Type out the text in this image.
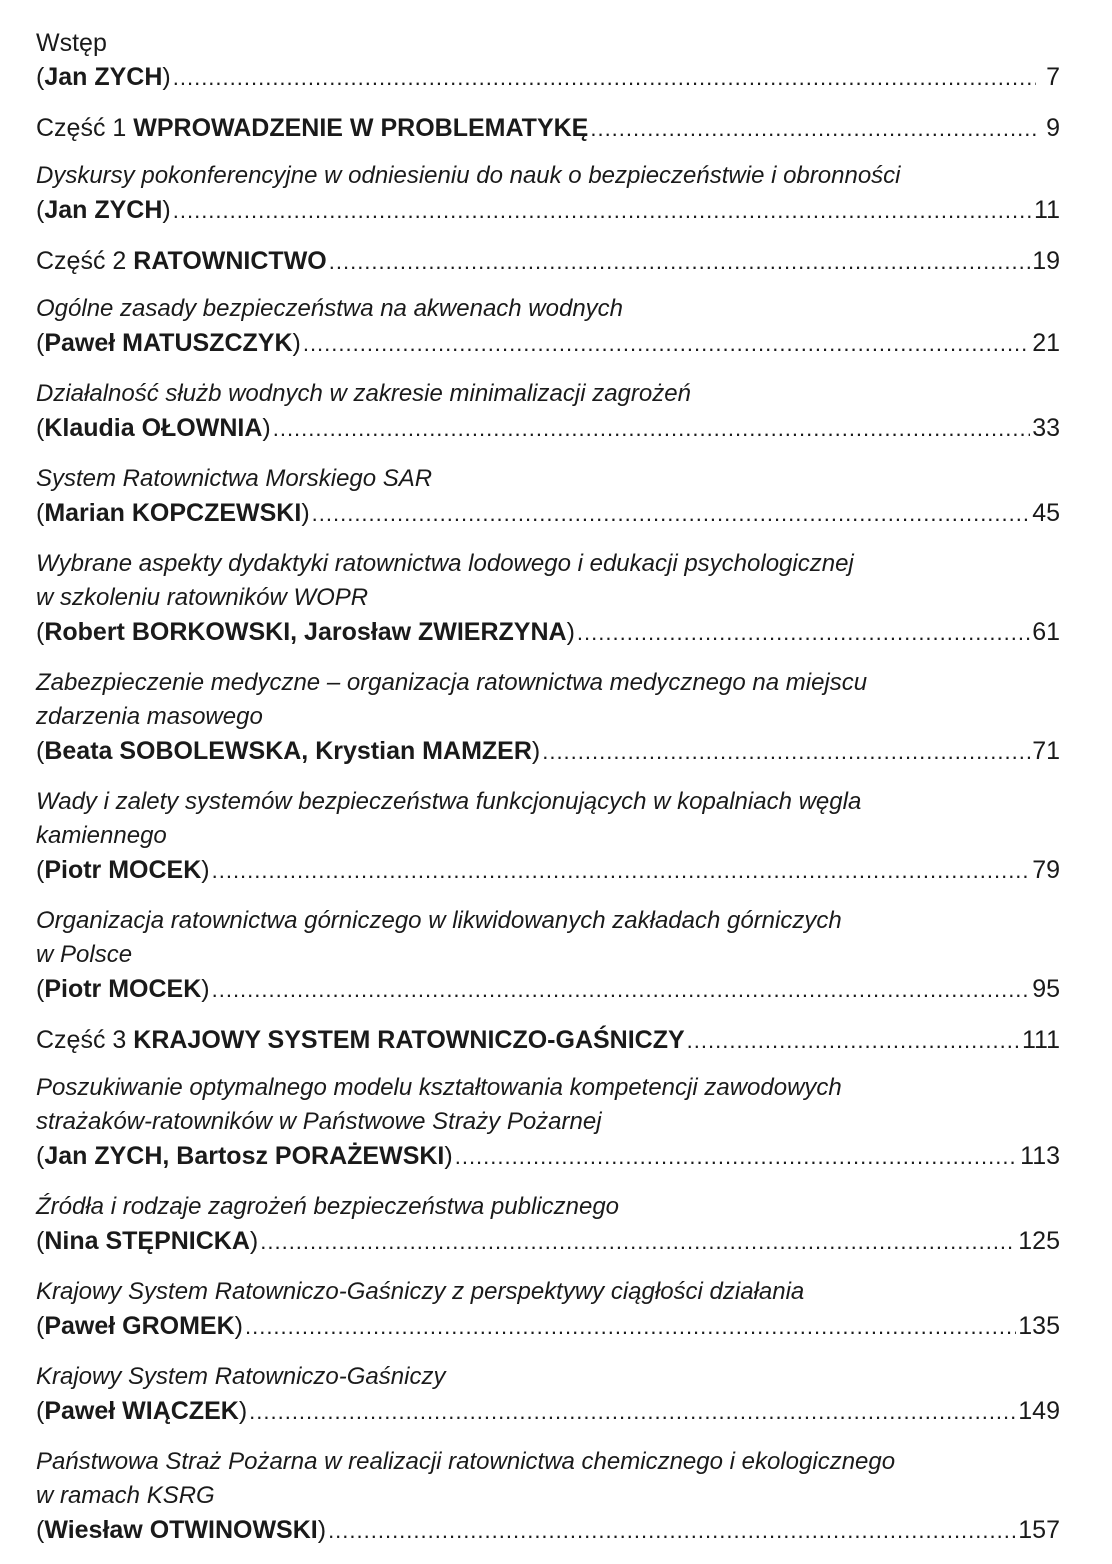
Wstęp
(Jan ZYCH) .....	7
Część 1 WPROWADZENIE W PROBLEMATYKĘ .....	9
Dyskursy pokonferencyjne w odniesieniu do nauk o bezpieczeństwie i obronności
(Jan ZYCH) .....	11
Część 2 RATOWNICTWO .....	19
Ogólne zasady bezpieczeństwa na akwenach wodnych
(Paweł MATUSZCZYK) .....	21
Działalność służb wodnych w zakresie minimalizacji zagrożeń
(Klaudia OŁOWNIA) .....	33
System Ratownictwa Morskiego SAR
(Marian KOPCZEWSKI) .....	45
Wybrane aspekty dydaktyki ratownictwa lodowego i edukacji psychologicznej
w szkoleniu ratowników WOPR
(Robert BORKOWSKI, Jarosław ZWIERZYNA) .....	61
Zabezpieczenie medyczne – organizacja ratownictwa medycznego na miejscu
zdarzenia masowego
(Beata SOBOLEWSKA, Krystian MAMZER) .....	71
Wady i zalety systemów bezpieczeństwa funkcjonujących w kopalniach węgla
kamiennego
(Piotr MOCEK) .....	79
Organizacja ratownictwa górniczego w likwidowanych zakładach górniczych
w Polsce
(Piotr MOCEK) .....	95
Część 3 KRAJOWY SYSTEM RATOWNICZO-GAŚNICZY .....	111
Poszukiwanie optymalnego modelu kształtowania kompetencji zawodowych
strażaków-ratowników w Państwowe Straży Pożarnej
(Jan ZYCH, Bartosz PORAŻEWSKI) .....	113
Źródła i rodzaje zagrożeń bezpieczeństwa publicznego
(Nina STĘPNICKA) .....	125
Krajowy System Ratowniczo-Gaśniczy z perspektywy ciągłości działania
(Paweł GROMEK) .....	135
Krajowy System Ratowniczo-Gaśniczy
(Paweł WIĄCZEK) .....	149
Państwowa Straż Pożarna w realizacji ratownictwa chemicznego i ekologicznego
w ramach KSRG
(Wiesław OTWINOWSKI) .....	157
